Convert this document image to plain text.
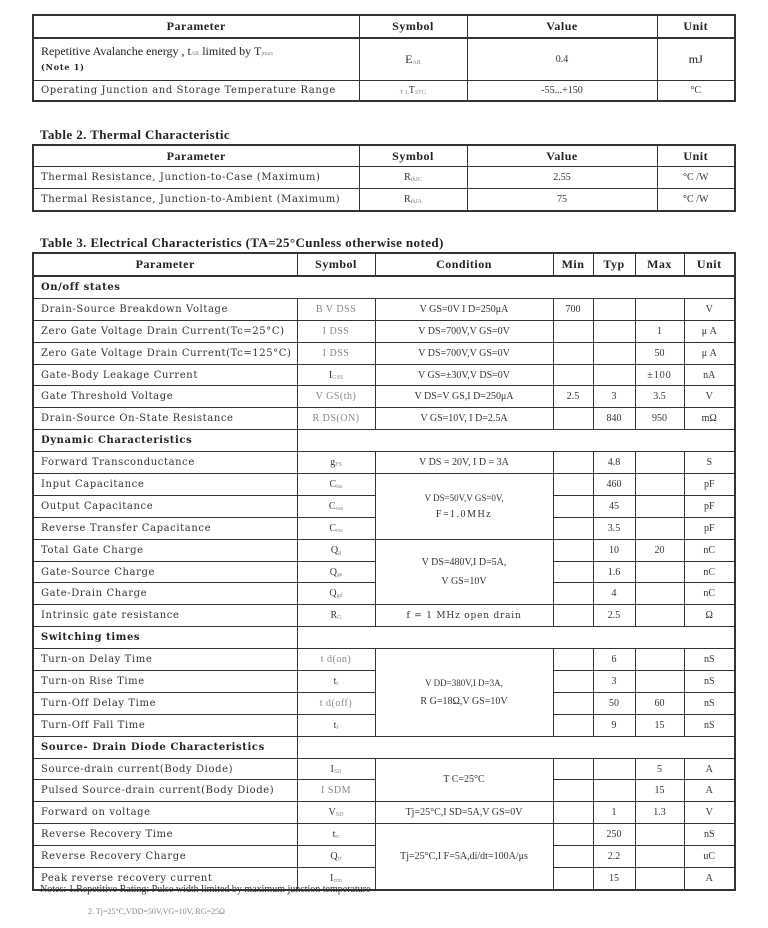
Parameter	Symbol	Value	Unit
Repetitive Avalanche energy , tAR limited by Tjmax
(Note 1)	EAR	0.4	mJ
Operating Junction and Storage Temperature Range	T J,TSTG	-55...+150	°C
Table 2. Thermal Characteristic
Parameter	Symbol	Value	Unit
Thermal Resistance, Junction-to-Case (Maximum)	RthJC	2.55	°C /W
Thermal Resistance, Junction-to-Ambient (Maximum)	RthJA	75	°C /W
Table 3. Electrical Characteristics (TA=25°Cunless otherwise noted)
Parameter	Symbol	Condition	Min	Typ	Max	Unit
On/off states						
Drain-Source Breakdown Voltage	B V DSS	V GS=0V I D=250μA	700			V
Zero Gate Voltage Drain Current(Tc=25°C)	I DSS	V DS=700V,V GS=0V			1	μ A
Zero Gate Voltage Drain Current(Tc=125°C)	I DSS	V DS=700V,V GS=0V			50	μ A
Gate-Body Leakage Current	IGSS	V GS=±30V,V DS=0V			±100	nA
Gate Threshold Voltage	V GS(th)	V DS=V GS,I D=250μA	2.5	3	3.5	V
Drain-Source On-State Resistance	R DS(ON)	V GS=10V, I D=2.5A		840	950	mΩ
Dynamic Characteristics						
Forward Transconductance	gFS	V DS = 20V, I D = 3A		4.8		S
Input Capacitance	Ciss	V DS=50V,V GS=0V,
F=1.0MHz		460		pF
Output Capacitance	Coss			45		pF
Reverse Transfer Capacitance	Crss			3.5		pF
Total Gate Charge	Qg	V DS=480V,I D=5A,
V GS=10V		10	20	nC
Gate-Source Charge	Qgs			1.6		nC
Gate-Drain Charge	Qgd			4		nC
Intrinsic gate resistance	RG	f = 1 MHz open drain		2.5		Ω
Switching times						
Turn-on Delay Time	t d(on)	V DD=380V,I D=3A,
R G=18Ω,V GS=10V		6		nS
Turn-on Rise Time	tr			3		nS
Turn-Off Delay Time	t d(off)			50	60	nS
Turn-Off Fall Time	tf			9	15	nS
Source- Drain Diode Characteristics						
Source-drain current(Body Diode)	ISD	T C=25°C			5	A
Pulsed Source-drain current(Body Diode)	I SDM				15	A
Forward on voltage	VSD	Tj=25°C,I SD=5A,V GS=0V		1	1.3	V
Reverse Recovery Time	trr	Tj=25°C,I F=5A,di/dt=100A/μs		250		nS
Reverse Recovery Charge	Qrr			2.2		uC
Peak reverse recovery current	Irrm			15		A
Notes: 1.Repetitive Rating: Pulse width limited by maximum junction temperature
2. Tj=25°C,VDD=50V,VG=10V, RG=25Ω
